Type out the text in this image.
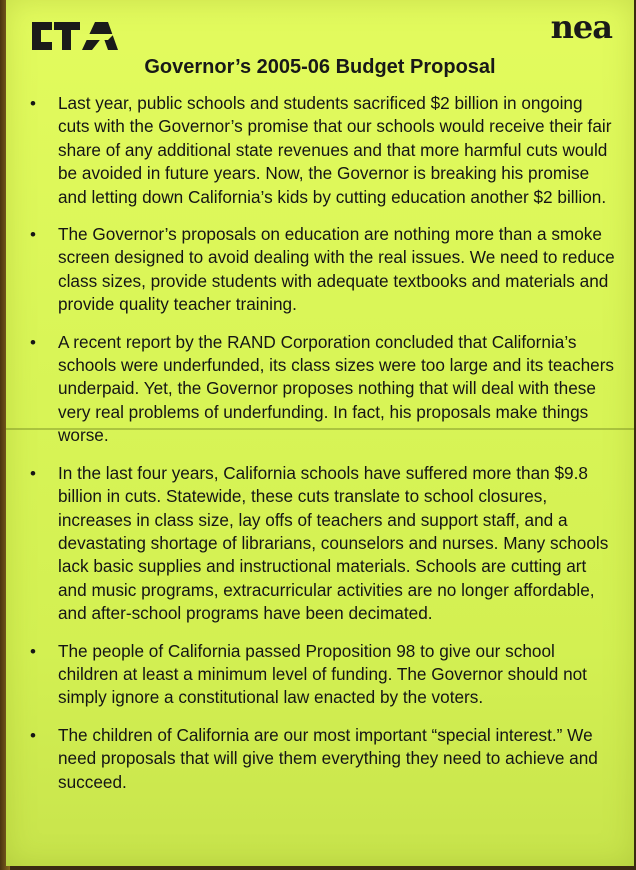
nea
Governor’s 2005-06 Budget Proposal
• Last year, public schools and students sacrificed $2 billion in ongoing cuts with the Governor’s promise that our schools would receive their fair share of any additional state revenues and that more harmful cuts would be avoided in future years. Now, the Governor is breaking his promise and letting down California’s kids by cutting education another $2 billion.
• The Governor’s proposals on education are nothing more than a smoke screen designed to avoid dealing with the real issues. We need to reduce class sizes, provide students with adequate textbooks and materials and provide quality teacher training.
• A recent report by the RAND Corporation concluded that California’s schools were underfunded, its class sizes were too large and its teachers underpaid. Yet, the Governor proposes nothing that will deal with these very real problems of underfunding. In fact, his proposals make things worse.
• In the last four years, California schools have suffered more than $9.8 billion in cuts. Statewide, these cuts translate to school closures, increases in class size, lay offs of teachers and support staff, and a devastating shortage of librarians, counselors and nurses. Many schools lack basic supplies and instructional materials. Schools are cutting art and music programs, extracurricular activities are no longer affordable, and after-school programs have been decimated.
• The people of California passed Proposition 98 to give our school children at least a minimum level of funding. The Governor should not simply ignore a constitutional law enacted by the voters.
• The children of California are our most important “special interest.” We need proposals that will give them everything they need to achieve and succeed.
